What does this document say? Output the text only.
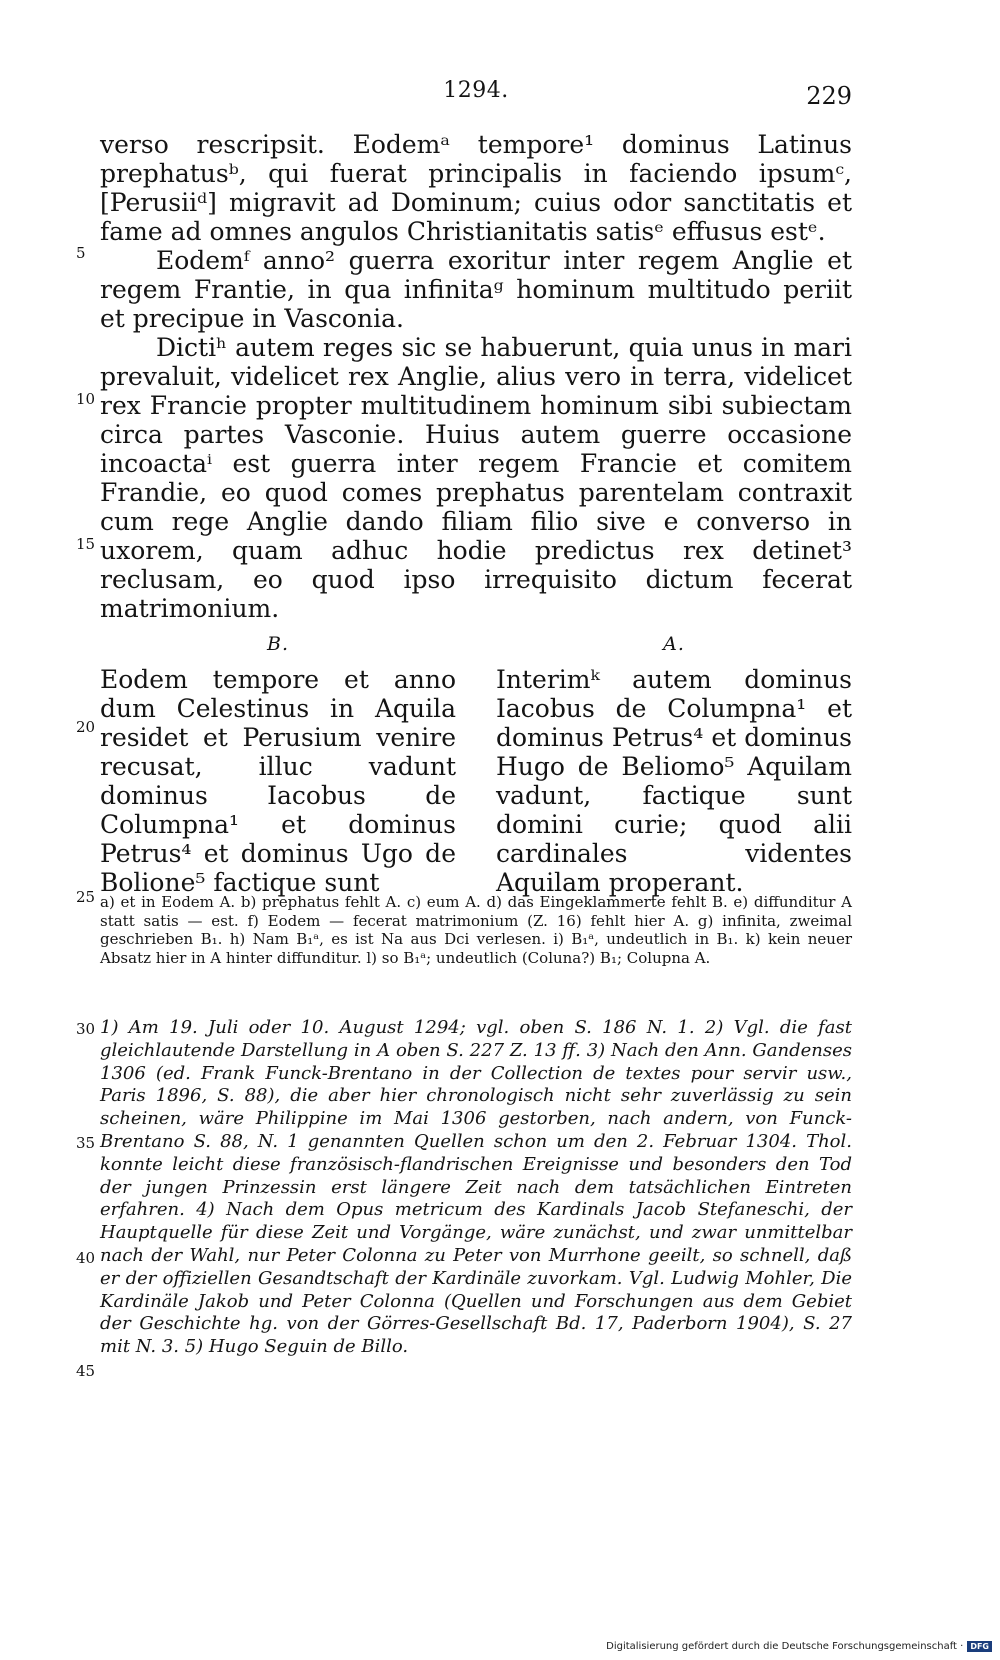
1294.	229
5
10
15
20
25
30
35
40
45

verso rescripsit. Eodemᵃ tempore¹ dominus Latinus prephatusᵇ, qui fuerat principalis in faciendo ipsumᶜ, [Perusiiᵈ] migravit ad Dominum; cuius odor sanctitatis et fame ad omnes angulos Christianitatis satisᵉ effusus estᵉ.

Eodemᶠ anno² guerra exoritur inter regem Anglie et regem Frantie, in qua infinitaᵍ hominum multitudo periit et precipue in Vasconia.

Dictiʰ autem reges sic se habuerunt, quia unus in mari prevaluit, videlicet rex Anglie, alius vero in terra, videlicet rex Francie propter multitudinem hominum sibi subiectam circa partes Vasconie. Huius autem guerre occasione incoactaⁱ est guerra inter regem Francie et comitem Frandie, eo quod comes prephatus parentelam contraxit cum rege Anglie dando filiam filio sive e converso in uxorem, quam adhuc hodie predictus rex detinet³ reclusam, eo quod ipso irrequisito dictum fecerat matrimonium.

B.

Eodem tempore et anno dum Celestinus in Aquila residet et Perusium venire recusat, illuc vadunt dominus Iacobus de Columpna¹ et dominus Petrus⁴ et dominus Ugo de Bolione⁵ factique sunt

A.

Interimᵏ autem dominus Iacobus de Columpna¹ et dominus Petrus⁴ et dominus Hugo de Beliomo⁵ Aquilam vadunt, factique sunt domini curie; quod alii cardinales videntes Aquilam properant.

a) et in Eodem A. b) prephatus fehlt A. c) eum A. d) das Eingeklammerte fehlt B. e) diffunditur A statt satis — est. f) Eodem — fecerat matrimonium (Z. 16) fehlt hier A. g) infinita, zweimal geschrieben B₁. h) Nam B₁ᵃ, es ist Na aus Dci verlesen. i) B₁ᵃ, undeutlich in B₁. k) kein neuer Absatz hier in A hinter diffunditur. l) so B₁ᵃ; undeutlich (Coluna?) B₁; Colupna A.

1) Am 19. Juli oder 10. August 1294; vgl. oben S. 186 N. 1. 2) Vgl. die fast gleichlautende Darstellung in A oben S. 227 Z. 13 ff. 3) Nach den Ann. Gandenses 1306 (ed. Frank Funck-Brentano in der Collection de textes pour servir usw., Paris 1896, S. 88), die aber hier chronologisch nicht sehr zuverlässig zu sein scheinen, wäre Philippine im Mai 1306 gestorben, nach andern, von Funck-Brentano S. 88, N. 1 genannten Quellen schon um den 2. Februar 1304. Thol. konnte leicht diese französisch-flandrischen Ereignisse und besonders den Tod der jungen Prinzessin erst längere Zeit nach dem tatsächlichen Eintreten erfahren. 4) Nach dem Opus metricum des Kardinals Jacob Stefaneschi, der Hauptquelle für diese Zeit und Vorgänge, wäre zunächst, und zwar unmittelbar nach der Wahl, nur Peter Colonna zu Peter von Murrhone geeilt, so schnell, daß er der offiziellen Gesandtschaft der Kardinäle zuvorkam. Vgl. Ludwig Mohler, Die Kardinäle Jakob und Peter Colonna (Quellen und Forschungen aus dem Gebiet der Geschichte hg. von der Görres-Gesellschaft Bd. 17, Paderborn 1904), S. 27 mit N. 3. 5) Hugo Seguin de Billo.

Digitalisierung gefördert durch die Deutsche Forschungsgemeinschaft · DFG
